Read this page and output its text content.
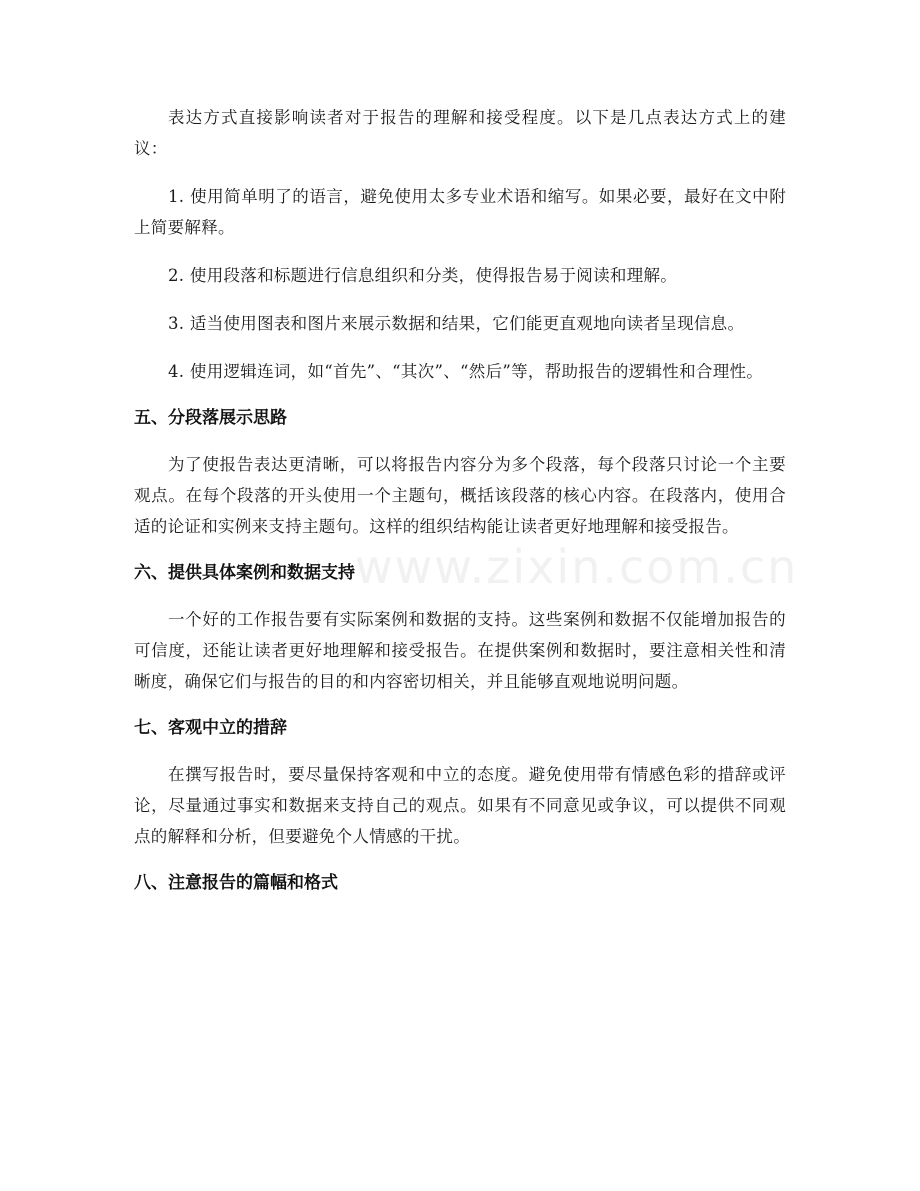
www.zixin.com.cn

表达方式直接影响读者对于报告的理解和接受程度。以下是几点表达方式上的建议：

1. 使用简单明了的语言，避免使用太多专业术语和缩写。如果必要，最好在文中附上简要解释。

2. 使用段落和标题进行信息组织和分类，使得报告易于阅读和理解。

3. 适当使用图表和图片来展示数据和结果，它们能更直观地向读者呈现信息。

4. 使用逻辑连词，如“首先”、“其次”、“然后”等，帮助报告的逻辑性和合理性。

五、分段落展示思路

为了使报告表达更清晰，可以将报告内容分为多个段落，每个段落只讨论一个主要观点。在每个段落的开头使用一个主题句，概括该段落的核心内容。在段落内，使用合适的论证和实例来支持主题句。这样的组织结构能让读者更好地理解和接受报告。

六、提供具体案例和数据支持

一个好的工作报告要有实际案例和数据的支持。这些案例和数据不仅能增加报告的可信度，还能让读者更好地理解和接受报告。在提供案例和数据时，要注意相关性和清晰度，确保它们与报告的目的和内容密切相关，并且能够直观地说明问题。

七、客观中立的措辞

在撰写报告时，要尽量保持客观和中立的态度。避免使用带有情感色彩的措辞或评论，尽量通过事实和数据来支持自己的观点。如果有不同意见或争议，可以提供不同观点的解释和分析，但要避免个人情感的干扰。

八、注意报告的篇幅和格式
